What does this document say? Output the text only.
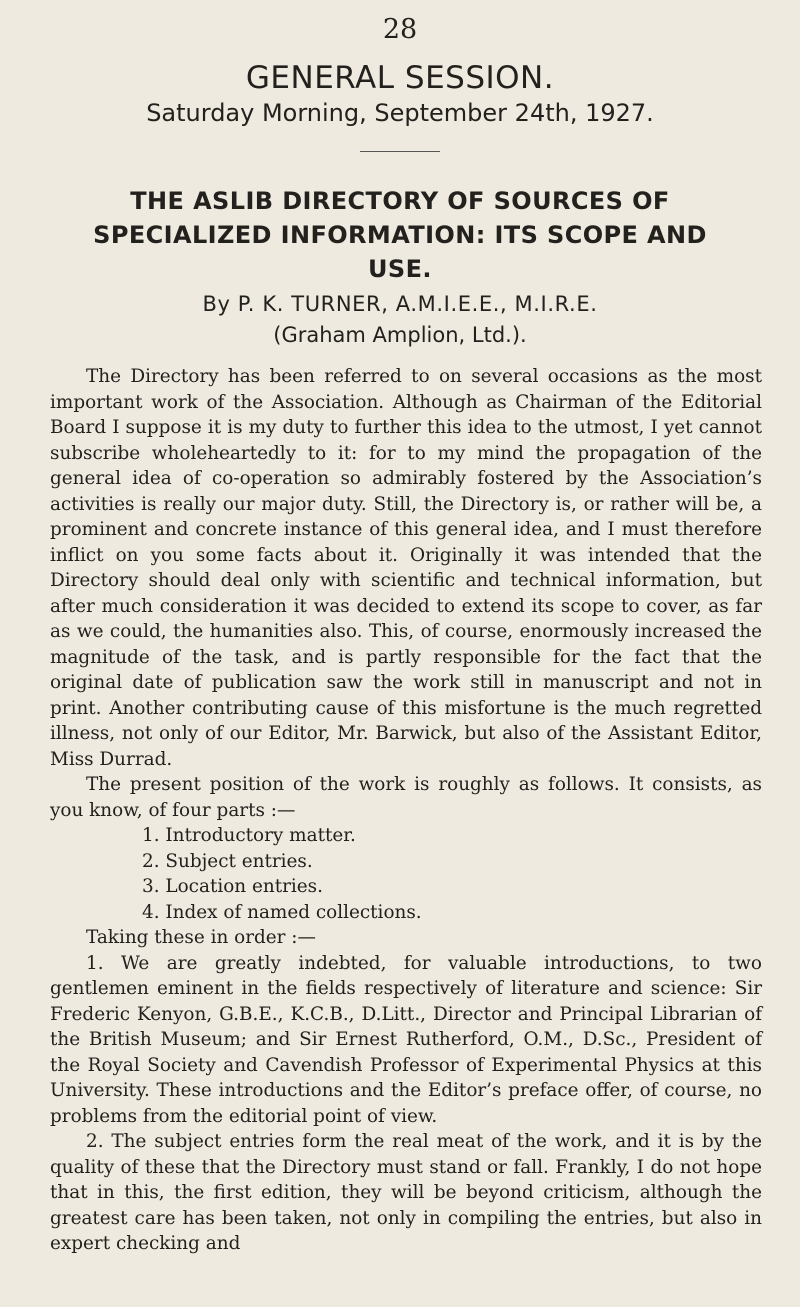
28
GENERAL SESSION.
Saturday Morning, September 24th, 1927.
THE ASLIB DIRECTORY OF SOURCES OF SPECIALIZED INFORMATION: ITS SCOPE AND USE.
By P. K. TURNER, A.M.I.E.E., M.I.R.E.
(Graham Amplion, Ltd.).

The Directory has been referred to on several occasions as the most important work of the Association. Although as Chairman of the Editorial Board I suppose it is my duty to further this idea to the utmost, I yet cannot subscribe wholeheartedly to it: for to my mind the propagation of the general idea of co-operation so admirably fostered by the Association’s activities is really our major duty. Still, the Directory is, or rather will be, a prominent and concrete instance of this general idea, and I must therefore inflict on you some facts about it. Originally it was intended that the Directory should deal only with scientific and technical information, but after much consideration it was decided to extend its scope to cover, as far as we could, the humanities also. This, of course, enormously increased the magnitude of the task, and is partly responsible for the fact that the original date of publication saw the work still in manuscript and not in print. Another contributing cause of this misfortune is the much regretted illness, not only of our Editor, Mr. Barwick, but also of the Assistant Editor, Miss Durrad.

The present position of the work is roughly as follows. It consists, as you know, of four parts :—

1. Introductory matter.
2. Subject entries.
3. Location entries.
4. Index of named collections.

Taking these in order :—

1. We are greatly indebted, for valuable introductions, to two gentlemen eminent in the fields respectively of literature and science: Sir Frederic Kenyon, G.B.E., K.C.B., D.Litt., Director and Principal Librarian of the British Museum; and Sir Ernest Rutherford, O.M., D.Sc., President of the Royal Society and Cavendish Professor of Experimental Physics at this University. These introductions and the Editor’s preface offer, of course, no problems from the editorial point of view.

2. The subject entries form the real meat of the work, and it is by the quality of these that the Directory must stand or fall. Frankly, I do not hope that in this, the first edition, they will be beyond criticism, although the greatest care has been taken, not only in compiling the entries, but also in expert checking and
